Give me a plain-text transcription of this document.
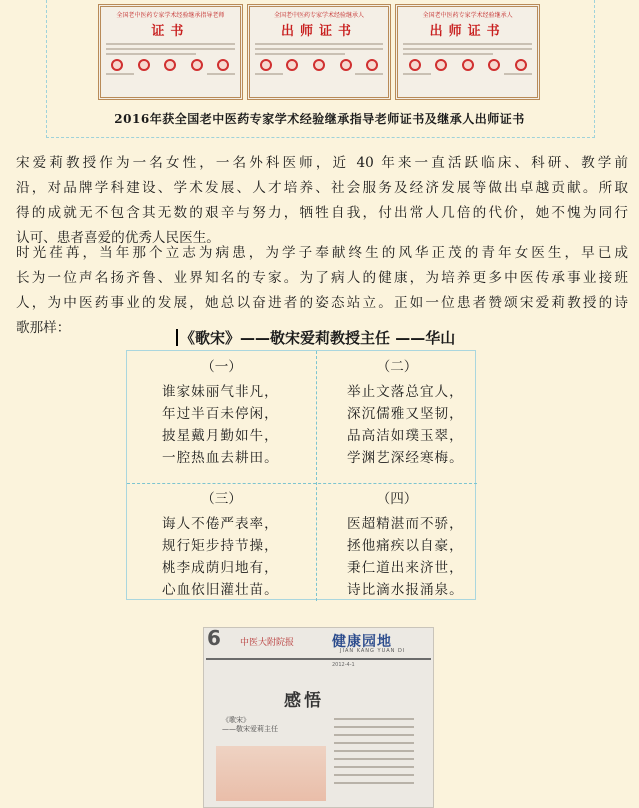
全国老中医药专家学术经验继承指导老师
证书
全国老中医药专家学术经验继承人
出师证书
全国老中医药专家学术经验继承人
出师证书
2016年获全国老中医药专家学术经验继承指导老师证书及继承人出师证书

宋爱莉教授作为一名女性，一名外科医师，近 40 年来一直活跃临床、科研、教学前
沿，对品牌学科建设、学术发展、人才培养、社会服务及经济发展等做出卓越贡献。所取
得的成就无不包含其无数的艰辛与努力，牺牲自我，付出常人几倍的代价，她不愧为同行
认可、患者喜爱的优秀人民医生。

时光荏苒，当年那个立志为病患，为学子奉献终生的风华正茂的青年女医生，早已成
长为一位声名扬齐鲁、业界知名的专家。为了病人的健康，为培养更多中医传承事业接班
人，为中医药事业的发展，她总以奋进者的姿态站立。正如一位患者赞颂宋爱莉教授的诗
歌那样：

《歌宋》——敬宋爱莉教授主任 ——华山
（一）
谁家妹丽气非凡，
年过半百未停闲，
披星戴月勤如牛，
一腔热血去耕田。
（二）
举止文落总宜人，
深沉儒雅又坚韧，
品高洁如璞玉翠，
学渊艺深经寒梅。
（三）
诲人不倦严表率，
规行矩步持节操，
桃李成荫归地有，
心血依旧灌壮苗。
（四）
医超精湛而不骄，
拯他痛疾以自豪，
秉仁道出来济世，
诗比滴水报涌泉。
6 中医大附院报	健康园地
JIAN KANG YUAN DI
2012-4-1
感悟
《歌宋》
——敬宋爱莉主任
